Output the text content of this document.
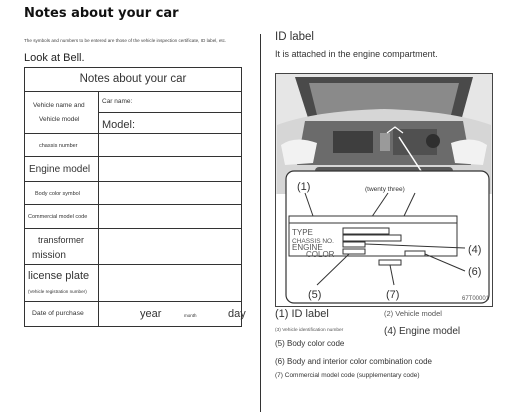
Notes about your car
The symbols and numbers to be entered are those of the vehicle inspection certificate, ID label, etc.
Look at Bell.
Notes about your car
Vehicle name and
Vehicle model
Car name:
Model:
chassis number
Engine model
Body color symbol
Commercial model code
transformer
mission
license plate
(Vehicle registration number)
Date of purchase	year	month	day
ID label
It is attached in the engine compartment.
(1)	(twenty three)
TYPE
CHASSIS NO.
ENGINE
COLOR	(4)
(6)
(5)	(7)	67T00001
(1) ID label	(2) Vehicle model
(3) Vehicle identification number	(4) Engine model
(5) Body color code
(6) Body and interior color combination code
(7) Commercial model code (supplementary code)
